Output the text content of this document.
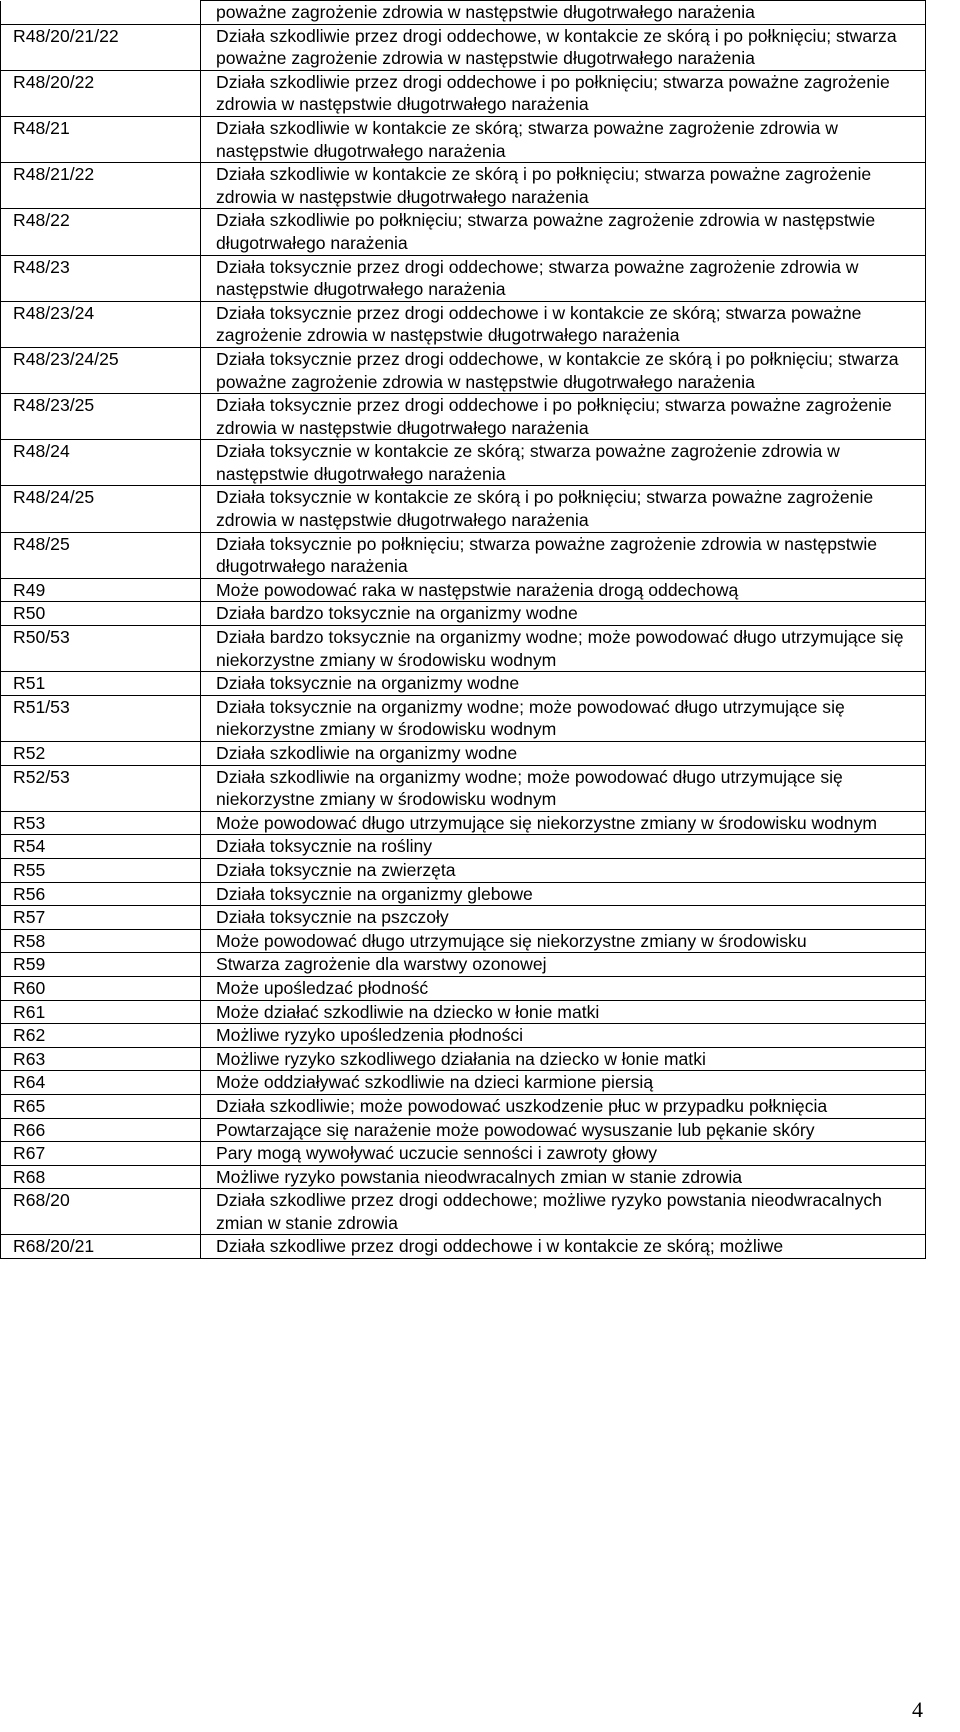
	poważne zagrożenie zdrowia w następstwie długotrwałego narażenia
R48/20/21/22	Działa szkodliwie przez drogi oddechowe, w kontakcie ze skórą i po połknięciu; stwarza poważne zagrożenie zdrowia w następstwie długotrwałego narażenia
R48/20/22	Działa szkodliwie przez drogi oddechowe i po połknięciu; stwarza poważne zagrożenie zdrowia w następstwie długotrwałego narażenia
R48/21	Działa szkodliwie w kontakcie ze skórą; stwarza poważne zagrożenie zdrowia w następstwie długotrwałego narażenia
R48/21/22	Działa szkodliwie w kontakcie ze skórą i po połknięciu; stwarza poważne zagrożenie zdrowia w następstwie długotrwałego narażenia
R48/22	Działa szkodliwie po połknięciu; stwarza poważne zagrożenie zdrowia w następstwie długotrwałego narażenia
R48/23	Działa toksycznie przez drogi oddechowe; stwarza poważne zagrożenie zdrowia w następstwie długotrwałego narażenia
R48/23/24	Działa toksycznie przez drogi oddechowe i w kontakcie ze skórą; stwarza poważne zagrożenie zdrowia w następstwie długotrwałego narażenia
R48/23/24/25	Działa toksycznie przez drogi oddechowe, w kontakcie ze skórą i po połknięciu; stwarza poważne zagrożenie zdrowia w następstwie długotrwałego narażenia
R48/23/25	Działa toksycznie przez drogi oddechowe i po połknięciu; stwarza poważne zagrożenie zdrowia w następstwie długotrwałego narażenia
R48/24	Działa toksycznie w kontakcie ze skórą; stwarza poważne zagrożenie zdrowia w następstwie długotrwałego narażenia
R48/24/25	Działa toksycznie w kontakcie ze skórą i po połknięciu; stwarza poważne zagrożenie zdrowia w następstwie długotrwałego narażenia
R48/25	Działa toksycznie po połknięciu; stwarza poważne zagrożenie zdrowia w następstwie długotrwałego narażenia
R49	Może powodować raka w następstwie narażenia drogą oddechową
R50	Działa bardzo toksycznie na organizmy wodne
R50/53	Działa bardzo toksycznie na organizmy wodne; może powodować długo utrzymujące się niekorzystne zmiany w środowisku wodnym
R51	Działa toksycznie na organizmy wodne
R51/53	Działa toksycznie na organizmy wodne; może powodować długo utrzymujące się niekorzystne zmiany w środowisku wodnym
R52	Działa szkodliwie na organizmy wodne
R52/53	Działa szkodliwie na organizmy wodne; może powodować długo utrzymujące się niekorzystne zmiany w środowisku wodnym
R53	Może powodować długo utrzymujące się niekorzystne zmiany w środowisku wodnym
R54	Działa toksycznie na rośliny
R55	Działa toksycznie na zwierzęta
R56	Działa toksycznie na organizmy glebowe
R57	Działa toksycznie na pszczoły
R58	Może powodować długo utrzymujące się niekorzystne zmiany w środowisku
R59	Stwarza zagrożenie dla warstwy ozonowej
R60	Może upośledzać płodność
R61	Może działać szkodliwie na dziecko w łonie matki
R62	Możliwe ryzyko upośledzenia płodności
R63	Możliwe ryzyko szkodliwego działania na dziecko w łonie matki
R64	Może oddziaływać szkodliwie na dzieci karmione piersią
R65	Działa szkodliwie; może powodować uszkodzenie płuc w przypadku połknięcia
R66	Powtarzające się narażenie może powodować wysuszanie lub pękanie skóry
R67	Pary mogą wywoływać uczucie senności i zawroty głowy
R68	Możliwe ryzyko powstania nieodwracalnych zmian w stanie zdrowia
R68/20	Działa szkodliwe przez drogi oddechowe; możliwe ryzyko powstania nieodwracalnych zmian w stanie zdrowia
R68/20/21	Działa szkodliwe przez drogi oddechowe i w kontakcie ze skórą; możliwe
4
